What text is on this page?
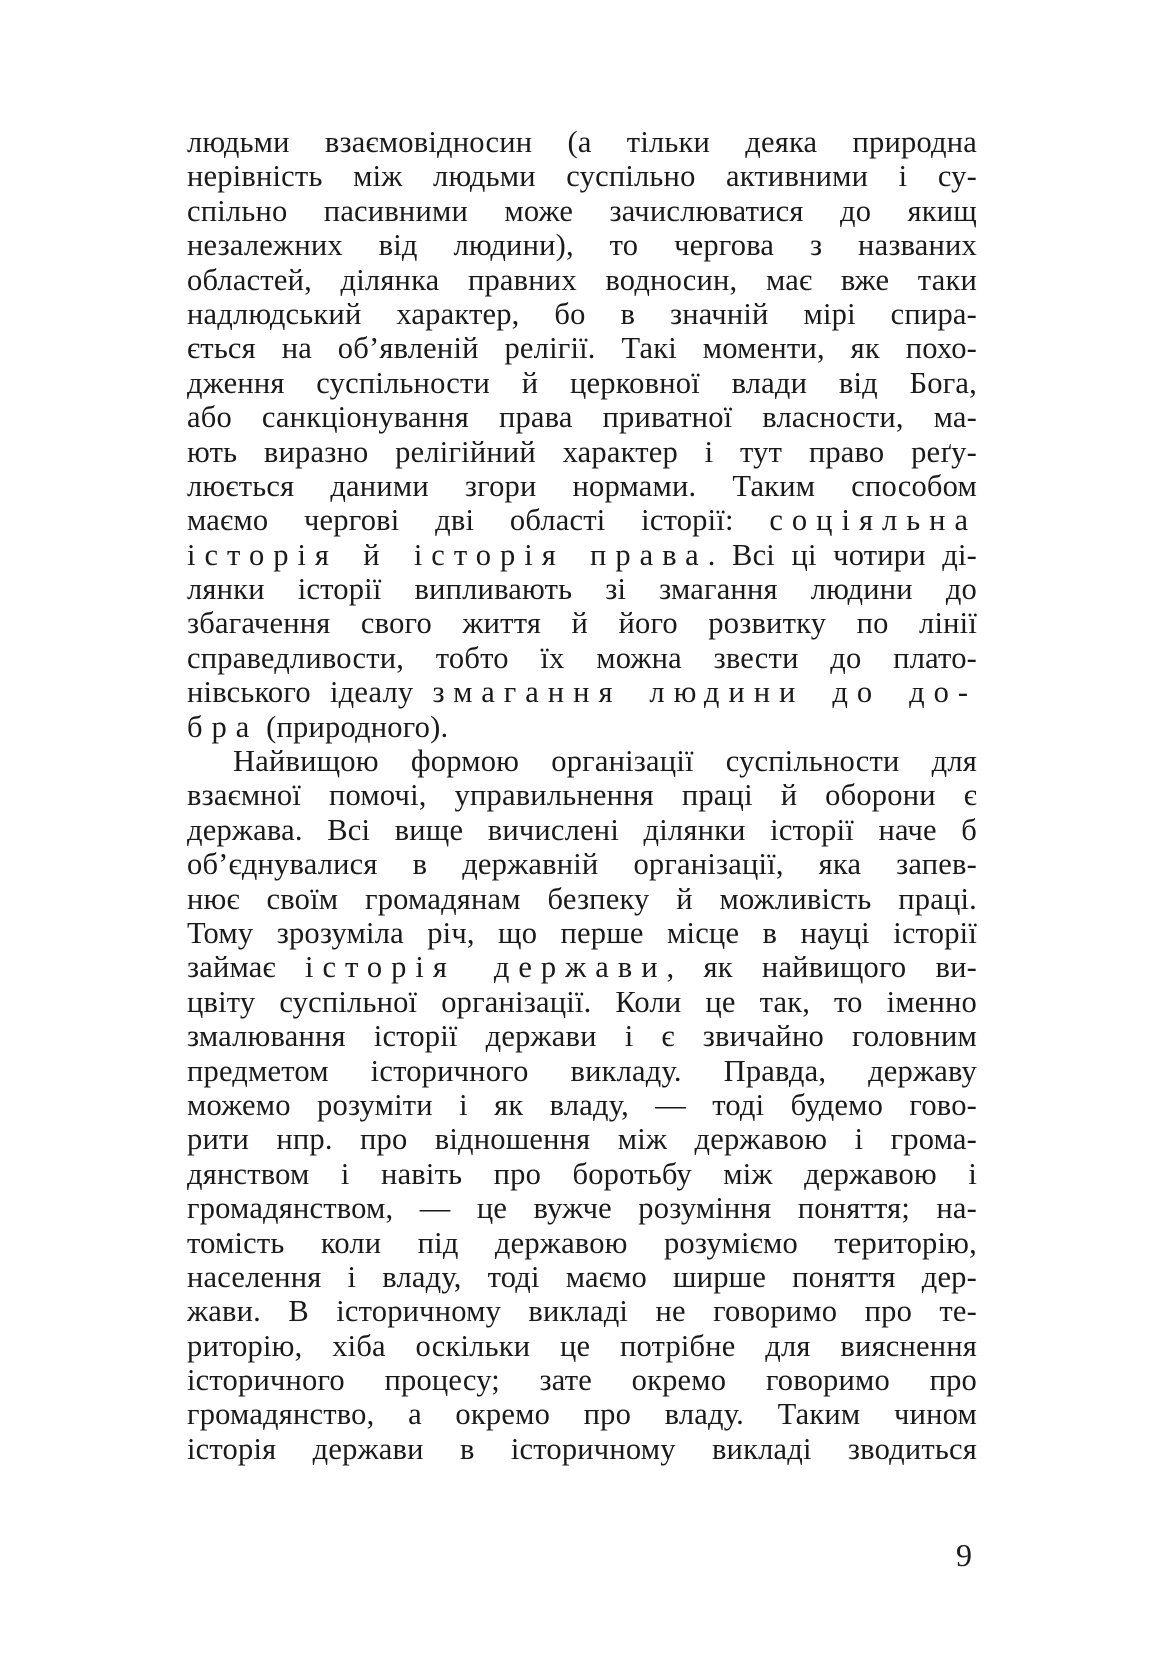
людьми взаємовідносин (а тільки деяка природна
нерівність між людьми суспільно активними і су-
спільно пасивними може зачислюватися до якищ
незалежних від людини), то чергова з названих
областей, ділянка правних водносин, має вже таки
надлюдський характер, бо в значній мірі спира-
ється на об’явленій релігії. Такі моменти, як похо-
дження суспільности й церковної влади від Бога,
або санкціонування права приватної власности, ма-
ють виразно релігійний характер і тут право реґу-
люється даними згори нормами. Таким способом
маємо чергові дві області історії: соціяльна
історія й історія права. Всі ці чотири ді-
лянки історії випливають зі змагання людини до
збагачення свого життя й його розвитку по лінії
справедливости, тобто їх можна звести до плато-
нівського ідеалу змагання людини до до-
бра (природного).
Найвищою формою організації суспільности для
взаємної помочі, управильнення праці й оборони є
держава. Всі вище вичислені ділянки історії наче б
об’єднувалися в державній організації, яка запев-
нює своїм громадянам безпеку й можливість праці.
Тому зрозуміла річ, що перше місце в науці історії
займає історія держави, як найвищого ви-
цвіту суспільної організації. Коли це так, то іменно
змалювання історії держави і є звичайно головним
предметом історичного викладу. Правда, державу
можемо розуміти і як владу, — тоді будемо гово-
рити нпр. про відношення між державою і грома-
дянством і навіть про боротьбу між державою і
громадянством, — це вужче розуміння поняття; на-
томість коли під державою розуміємо територію,
населення і владу, тоді маємо ширше поняття дер-
жави. В історичному викладі не говоримо про те-
риторію, хіба оскільки це потрібне для вияснення
історичного процесу; зате окремо говоримо про
громадянство, а окремо про владу. Таким чином
історія держави в історичному викладі зводиться
9
